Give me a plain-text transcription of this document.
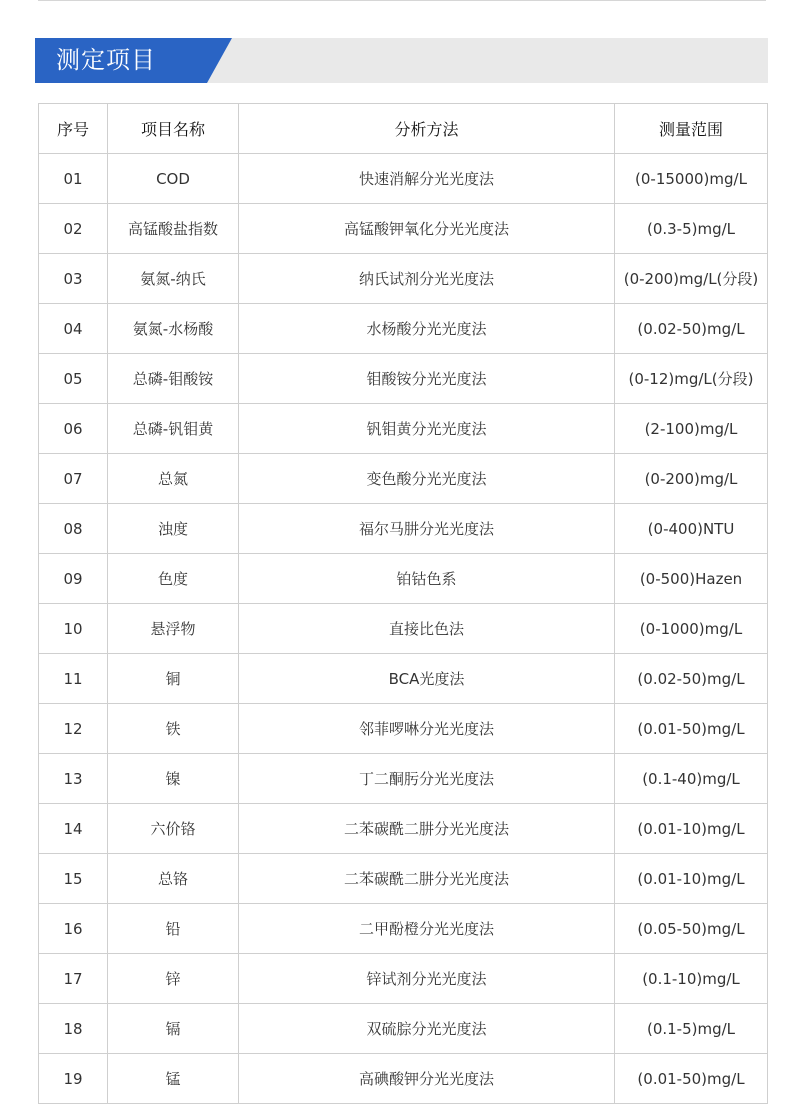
测定项目
序号	项目名称	分析方法	测量范围
01	COD	快速消解分光光度法	(0-15000)mg/L
02	高锰酸盐指数	高锰酸钾氧化分光光度法	(0.3-5)mg/L
03	氨氮-纳氏	纳氏试剂分光光度法	(0-200)mg/L(分段)
04	氨氮-水杨酸	水杨酸分光光度法	(0.02-50)mg/L
05	总磷-钼酸铵	钼酸铵分光光度法	(0-12)mg/L(分段)
06	总磷-钒钼黄	钒钼黄分光光度法	(2-100)mg/L
07	总氮	变色酸分光光度法	(0-200)mg/L
08	浊度	福尔马肼分光光度法	(0-400)NTU
09	色度	铂钴色系	(0-500)Hazen
10	悬浮物	直接比色法	(0-1000)mg/L
11	铜	BCA光度法	(0.02-50)mg/L
12	铁	邻菲啰啉分光光度法	(0.01-50)mg/L
13	镍	丁二酮肟分光光度法	(0.1-40)mg/L
14	六价铬	二苯碳酰二肼分光光度法	(0.01-10)mg/L
15	总铬	二苯碳酰二肼分光光度法	(0.01-10)mg/L
16	铅	二甲酚橙分光光度法	(0.05-50)mg/L
17	锌	锌试剂分光光度法	(0.1-10)mg/L
18	镉	双硫腙分光光度法	(0.1-5)mg/L
19	锰	高碘酸钾分光光度法	(0.01-50)mg/L
